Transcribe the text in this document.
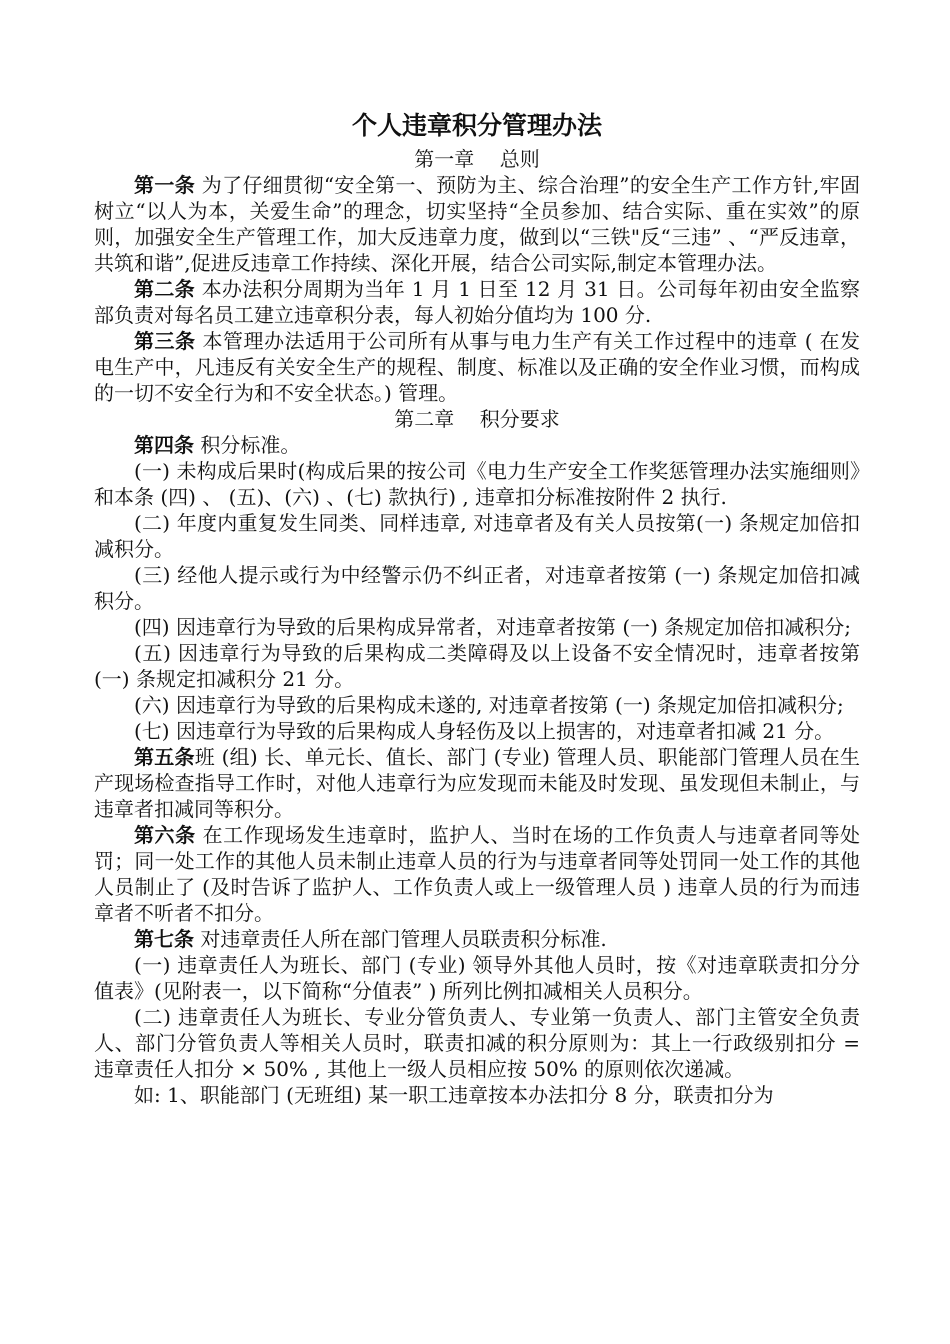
个人违章积分管理办法
第一章    总则

第一条 为了仔细贯彻“安全第一、预防为主、综合治理”的安全生产工作方针,牢固树立“以人为本，关爱生命”的理念，切实坚持“全员参加、结合实际、重在实效”的原则，加强安全生产管理工作，加大反违章力度，做到以“三铁"反“三违” 、“严反违章，共筑和谐”,促进反违章工作持续、深化开展，结合公司实际,制定本管理办法。

第二条 本办法积分周期为当年 1 月 1 日至 12 月 31 日。公司每年初由安全监察部负责对每名员工建立违章积分表，每人初始分值均为 100 分.

第三条 本管理办法适用于公司所有从事与电力生产有关工作过程中的违章 ( 在发电生产中，凡违反有关安全生产的规程、制度、标准以及正确的安全作业习惯，而构成的一切不安全行为和不安全状态。) 管理。

第二章    积分要求

第四条 积分标准。

(一) 未构成后果时(构成后果的按公司《电力生产安全工作奖惩管理办法实施细则》和本条 (四) 、 (五)、(六) 、(七) 款执行) , 违章扣分标准按附件 2 执行.

(二) 年度内重复发生同类、同样违章, 对违章者及有关人员按第(一) 条规定加倍扣减积分。

(三) 经他人提示或行为中经警示仍不纠正者，对违章者按第 (一) 条规定加倍扣减积分。

(四) 因违章行为导致的后果构成异常者，对违章者按第 (一) 条规定加倍扣减积分;

(五) 因违章行为导致的后果构成二类障碍及以上设备不安全情况时，违章者按第 (一) 条规定扣减积分 21 分。

(六) 因违章行为导致的后果构成未遂的, 对违章者按第 (一) 条规定加倍扣减积分;

(七) 因违章行为导致的后果构成人身轻伤及以上损害的，对违章者扣减 21 分。

第五条班 (组) 长、单元长、值长、部门 (专业) 管理人员、职能部门管理人员在生产现场检查指导工作时，对他人违章行为应发现而未能及时发现、虽发现但未制止，与违章者扣减同等积分。

第六条 在工作现场发生违章时，监护人、当时在场的工作负责人与违章者同等处罚；同一处工作的其他人员未制止违章人员的行为与违章者同等处罚同一处工作的其他人员制止了 (及时告诉了监护人、工作负责人或上一级管理人员 ) 违章人员的行为而违章者不听者不扣分。

第七条 对违章责任人所在部门管理人员联责积分标准.

(一) 违章责任人为班长、部门 (专业) 领导外其他人员时，按《对违章联责扣分分值表》(见附表一，以下简称“分值表” ) 所列比例扣减相关人员积分。

(二) 违章责任人为班长、专业分管负责人、专业第一负责人、部门主管安全负责人、部门分管负责人等相关人员时，联责扣减的积分原则为：其上一行政级别扣分 = 违章责任人扣分 × 50% , 其他上一级人员相应按 50% 的原则依次递减。

如: 1、职能部门 (无班组) 某一职工违章按本办法扣分 8 分，联责扣分为
